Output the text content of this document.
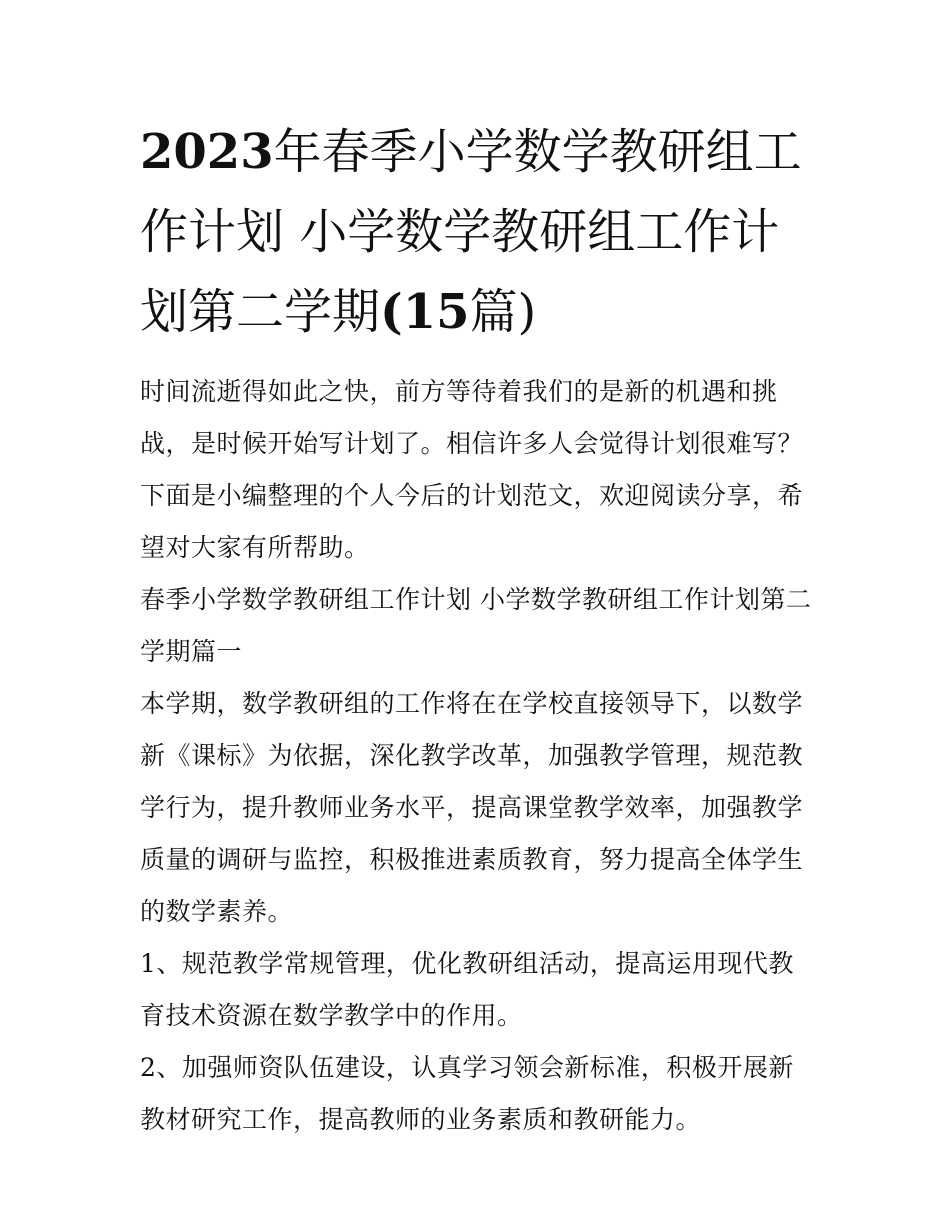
2023年春季小学数学教研组工作计划 小学数学教研组工作计划第二学期(15篇)

时间流逝得如此之快，前方等待着我们的是新的机遇和挑战，是时候开始写计划了。相信许多人会觉得计划很难写？下面是小编整理的个人今后的计划范文，欢迎阅读分享，希望对大家有所帮助。

春季小学数学教研组工作计划 小学数学教研组工作计划第二学期篇一

本学期，数学教研组的工作将在在学校直接领导下，以数学新《课标》为依据，深化教学改革，加强教学管理，规范教学行为，提升教师业务水平，提高课堂教学效率，加强教学质量的调研与监控，积极推进素质教育，努力提高全体学生的数学素养。

1、规范教学常规管理，优化教研组活动，提高运用现代教育技术资源在数学教学中的作用。

2、加强师资队伍建设，认真学习领会新标准，积极开展新教材研究工作，提高教师的业务素质和教研能力。
